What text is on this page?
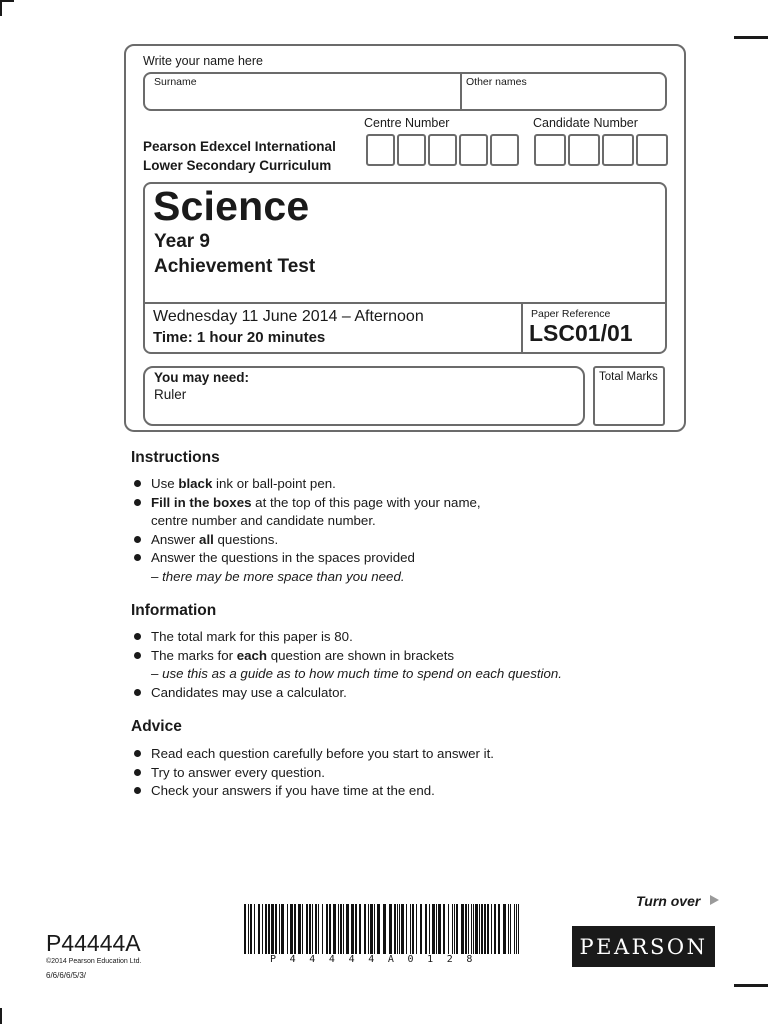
Write your name here
Surname	Other names
Centre Number	Candidate Number
Pearson Edexcel International
Lower Secondary Curriculum
Science
Year 9
Achievement Test
Wednesday 11 June 2014 – Afternoon
Time: 1 hour 20 minutes
Paper Reference
LSC01/01
You may need:
Ruler
Total Marks
Instructions
Use black ink or ball-point pen.
Fill in the boxes at the top of this page with your name,
centre number and candidate number.
Answer all questions.
Answer the questions in the spaces provided
– there may be more space than you need.
Information
The total mark for this paper is 80.
The marks for each question are shown in brackets
– use this as a guide as to how much time to spend on each question.
Candidates may use a calculator.
Advice
Read each question carefully before you start to answer it.
Try to answer every question.
Check your answers if you have time at the end.
Turn over
P44444A
©2014 Pearson Education Ltd.
6/6/6/6/5/3/
P 4 4 4 4 4 A 0 1 2 8
PEARSON
